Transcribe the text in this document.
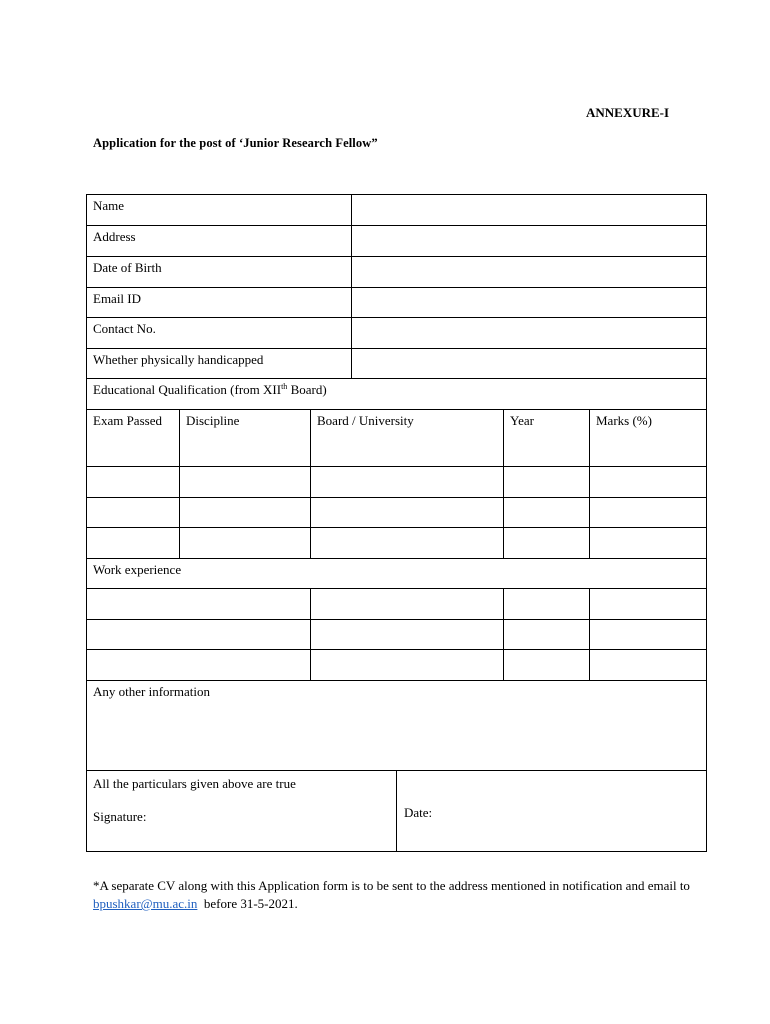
ANNEXURE-I
Application for the post of ‘Junior Research Fellow”
Name
Address
Date of Birth
Email ID
Contact No.
Whether physically handicapped
Educational Qualification (from XIIth Board)
Exam Passed	Discipline	Board / University	Year	Marks (%)
Work experience
Any other information
All the particulars given above are true
Signature:	Date:
*A separate CV along with this Application form is to be sent to the address mentioned in notification and email to bpushkar@mu.ac.in  before 31-5-2021.
